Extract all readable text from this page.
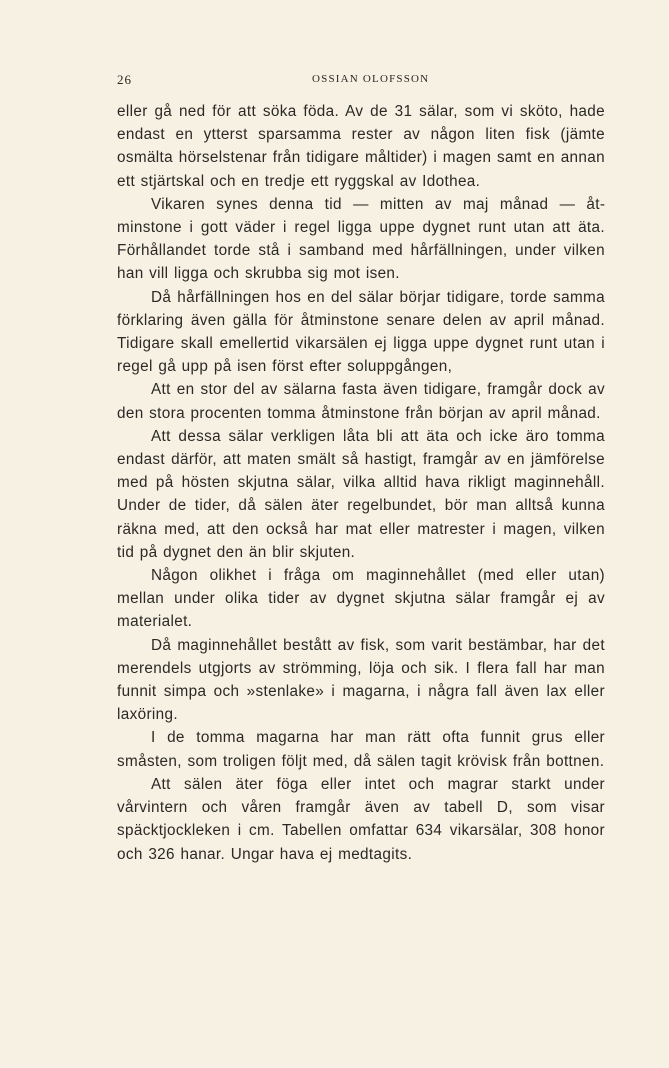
26	OSSIAN OLOFSSON

eller gå ned för att söka föda. Av de 31 sälar, som vi sköto, hade endast en ytterst sparsamma rester av någon liten fisk (jämte osmälta hörselstenar från tidigare måltider) i magen samt en annan ett stjärtskal och en tredje ett ryggskal av Idothea.

Vikaren synes denna tid — mitten av maj månad — åtminstone i gott väder i regel ligga uppe dygnet runt utan att äta. Förhållandet torde stå i samband med hårfällningen, under vilken han vill ligga och skrubba sig mot isen.

Då hårfällningen hos en del sälar börjar tidigare, torde samma förklaring även gälla för åtminstone senare delen av april månad. Tidigare skall emellertid vikarsälen ej ligga uppe dygnet runt utan i regel gå upp på isen först efter soluppgången,

Att en stor del av sälarna fasta även tidigare, framgår dock av den stora procenten tomma åtminstone från början av april månad.

Att dessa sälar verkligen låta bli att äta och icke äro tomma endast därför, att maten smält så hastigt, framgår av en jämförelse med på hösten skjutna sälar, vilka alltid hava rikligt maginnehåll. Under de tider, då sälen äter regelbundet, bör man alltså kunna räkna med, att den också har mat eller matrester i magen, vilken tid på dygnet den än blir skjuten.

Någon olikhet i fråga om maginnehållet (med eller utan) mellan under olika tider av dygnet skjutna sälar framgår ej av materialet.

Då maginnehållet bestått av fisk, som varit bestämbar, har det merendels utgjorts av strömming, löja och sik. I flera fall har man funnit simpa och »stenlake» i magarna, i några fall även lax eller laxöring.

I de tomma magarna har man rätt ofta funnit grus eller småsten, som troligen följt med, då sälen tagit krövisk från bottnen.

Att sälen äter föga eller intet och magrar starkt under vårvintern och våren framgår även av tabell D, som visar späcktjockleken i cm. Tabellen omfattar 634 vikarsälar, 308 honor och 326 hanar. Ungar hava ej medtagits.
